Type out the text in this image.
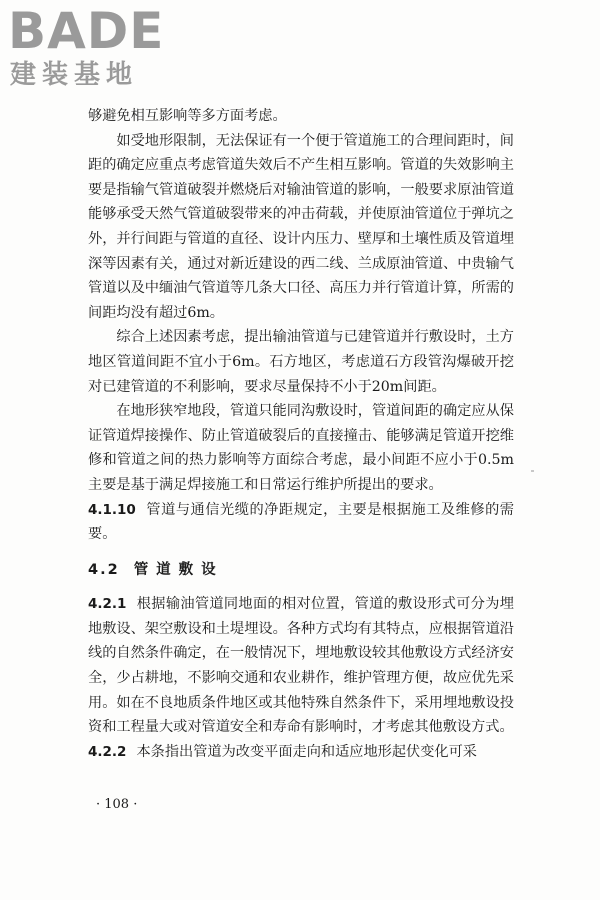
BADE
建装基地

够避免相互影响等多方面考虑。

如受地形限制，无法保证有一个便于管道施工的合理间距时，间距的确定应重点考虑管道失效后不产生相互影响。管道的失效影响主要是指输气管道破裂并燃烧后对输油管道的影响，一般要求原油管道能够承受天然气管道破裂带来的冲击荷载，并使原油管道位于弹坑之外，并行间距与管道的直径、设计内压力、壁厚和土壤性质及管道埋深等因素有关，通过对新近建设的西二线、兰成原油管道、中贵输气管道以及中缅油气管道等几条大口径、高压力并行管道计算，所需的间距均没有超过6m。

综合上述因素考虑，提出输油管道与已建管道并行敷设时，土方地区管道间距不宜小于6m。石方地区，考虑道石方段管沟爆破开挖对已建管道的不利影响，要求尽量保持不小于20m间距。

在地形狭窄地段，管道只能同沟敷设时，管道间距的确定应从保证管道焊接操作、防止管道破裂后的直接撞击、能够满足管道开挖维修和管道之间的热力影响等方面综合考虑，最小间距不应小于0.5m主要是基于满足焊接施工和日常运行维护所提出的要求。

4.1.10 管道与通信光缆的净距规定，主要是根据施工及维修的需要。

4.2 管道敷设

4.2.1 根据输油管道同地面的相对位置，管道的敷设形式可分为埋地敷设、架空敷设和土堤埋设。各种方式均有其特点，应根据管道沿线的自然条件确定，在一般情况下，埋地敷设较其他敷设方式经济安全，少占耕地，不影响交通和农业耕作，维护管理方便，故应优先采用。如在不良地质条件地区或其他特殊自然条件下，采用埋地敷设投资和工程量大或对管道安全和寿命有影响时，才考虑其他敷设方式。

4.2.2 本条指出管道为改变平面走向和适应地形起伏变化可采

· 108 ·
